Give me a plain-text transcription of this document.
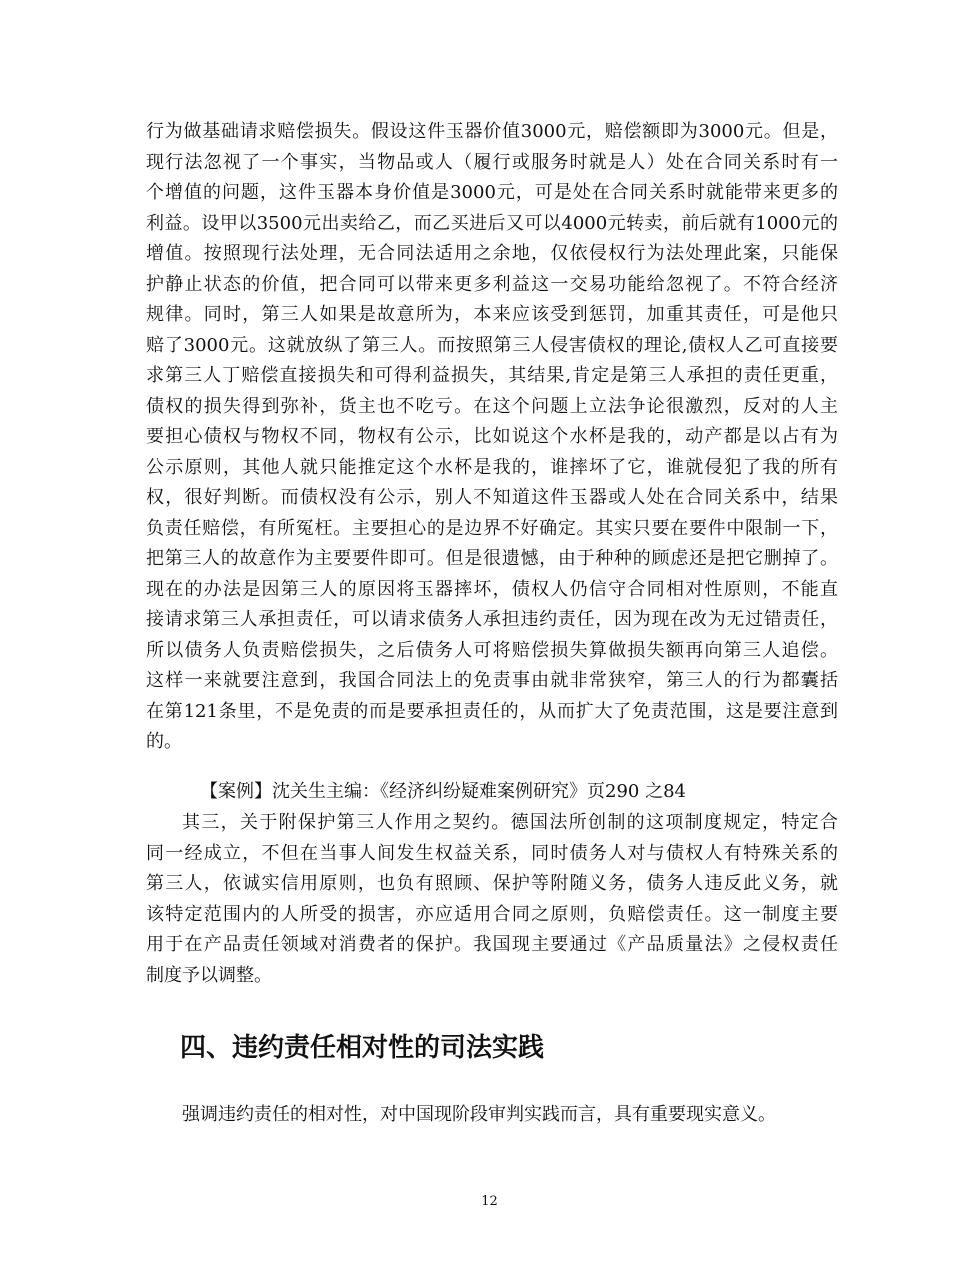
行为做基础请求赔偿损失。假设这件玉器价值3000元，赔偿额即为3000元。但是，
现行法忽视了一个事实，当物品或人（履行或服务时就是人）处在合同关系时有一
个增值的问题，这件玉器本身价值是3000元，可是处在合同关系时就能带来更多的
利益。设甲以3500元出卖给乙，而乙买进后又可以4000元转卖，前后就有1000元的
增值。按照现行法处理，无合同法适用之余地，仅依侵权行为法处理此案，只能保
护静止状态的价值，把合同可以带来更多利益这一交易功能给忽视了。不符合经济
规律。同时，第三人如果是故意所为，本来应该受到惩罚，加重其责任，可是他只
赔了3000元。这就放纵了第三人。而按照第三人侵害债权的理论,债权人乙可直接要
求第三人丁赔偿直接损失和可得利益损失，其结果,肯定是第三人承担的责任更重，
债权的损失得到弥补，货主也不吃亏。在这个问题上立法争论很激烈，反对的人主
要担心债权与物权不同，物权有公示，比如说这个水杯是我的，动产都是以占有为
公示原则，其他人就只能推定这个水杯是我的，谁摔坏了它，谁就侵犯了我的所有
权，很好判断。而债权没有公示，别人不知道这件玉器或人处在合同关系中，结果
负责任赔偿，有所冤枉。主要担心的是边界不好确定。其实只要在要件中限制一下，
把第三人的故意作为主要要件即可。但是很遗憾，由于种种的顾虑还是把它删掉了。
现在的办法是因第三人的原因将玉器摔坏，债权人仍信守合同相对性原则，不能直
接请求第三人承担责任，可以请求债务人承担违约责任，因为现在改为无过错责任，
所以债务人负责赔偿损失，之后债务人可将赔偿损失算做损失额再向第三人追偿。
这样一来就要注意到，我国合同法上的免责事由就非常狭窄，第三人的行为都囊括
在第121条里，不是免责的而是要承担责任的，从而扩大了免责范围，这是要注意到
的。
【案例】沈关生主编：《经济纠纷疑难案例研究》页290 之84
其三，关于附保护第三人作用之契约。德国法所创制的这项制度规定，特定合
同一经成立，不但在当事人间发生权益关系，同时债务人对与债权人有特殊关系的
第三人，依诚实信用原则，也负有照顾、保护等附随义务，债务人违反此义务，就
该特定范围内的人所受的损害，亦应适用合同之原则，负赔偿责任。这一制度主要
用于在产品责任领域对消费者的保护。我国现主要通过《产品质量法》之侵权责任
制度予以调整。
四、违约责任相对性的司法实践
强调违约责任的相对性，对中国现阶段审判实践而言，具有重要现实意义。
12
